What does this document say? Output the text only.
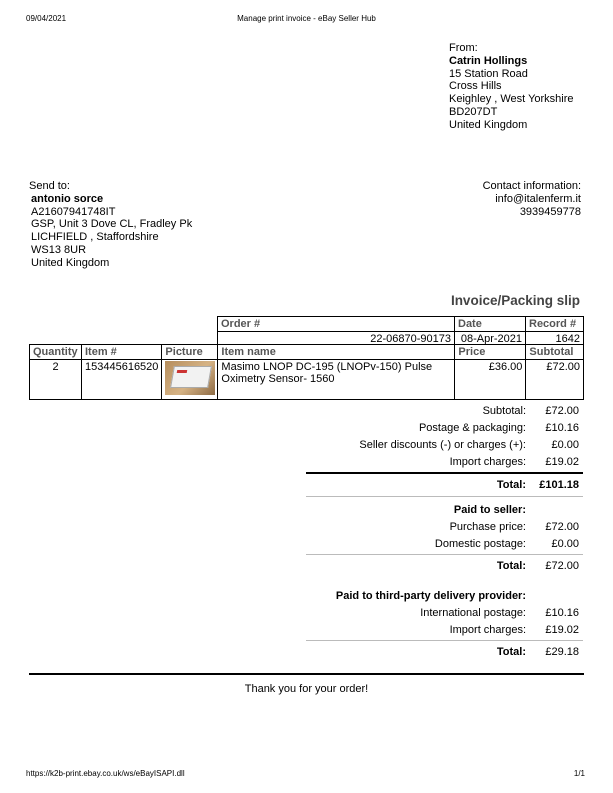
09/04/2021	Manage print invoice - eBay Seller Hub
From:
Catrin Hollings
15 Station Road
Cross Hills
Keighley , West Yorkshire
BD207DT
United Kingdom
Send to:
antonio sorce
A21607941748IT
GSP, Unit 3 Dove CL, Fradley Pk
LICHFIELD , Staffordshire
WS13 8UR
United Kingdom
Contact information:
info@italenferm.it
3939459778
Invoice/Packing slip
Order #	Date	Record #
22-06870-90173	08-Apr-2021	1642
Quantity	Item #	Picture	Item name	Price	Subtotal
2	153445616520		Masimo LNOP DC-195 (LNOPv-150) Pulse Oximetry Sensor- 1560	£36.00	£72.00
Subtotal: £72.00
Postage & packaging: £10.16
Seller discounts (-) or charges (+): £0.00
Import charges: £19.02
Total: £101.18
Paid to seller:
Purchase price: £72.00
Domestic postage: £0.00
Total: £72.00
Paid to third-party delivery provider:
International postage: £10.16
Import charges: £19.02
Total: £29.18
Thank you for your order!
https://k2b-print.ebay.co.uk/ws/eBayISAPI.dll	1/1
